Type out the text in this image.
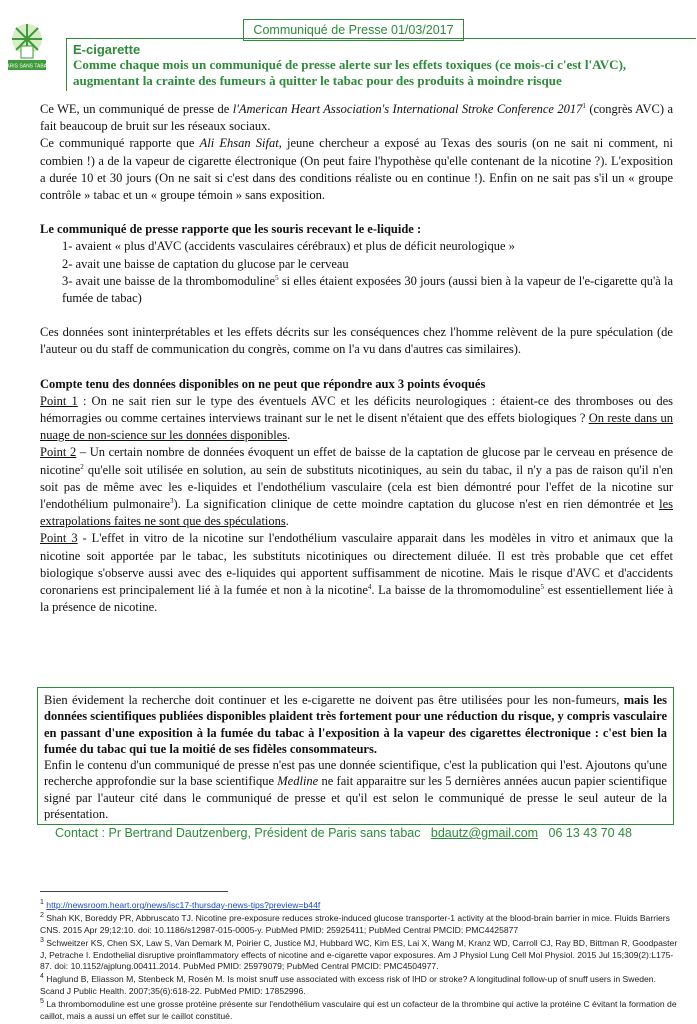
PARIS SANS TABAC
Communiqué de Presse 01/03/2017
E-cigarette
Comme chaque mois un communiqué de presse alerte sur les effets toxiques (ce mois-ci c'est l'AVC),
augmentant la crainte des fumeurs à quitter le tabac pour des produits à moindre risque

Ce WE, un communiqué de presse de l'American Heart Association's International Stroke Conference 2017$^1$ (congrès AVC) a fait beaucoup de bruit sur les réseaux sociaux.

Ce communiqué rapporte que Ali Ehsan Sifat, jeune chercheur a exposé au Texas des souris (on ne sait ni comment, ni combien !) a de la vapeur de cigarette électronique (On peut faire l'hypothèse qu'elle contenant de la nicotine ?). L'exposition a durée 10 et 30 jours (On ne sait si c'est dans des conditions réaliste ou en continue !). Enfin on ne sait pas s'il un « groupe contrôle » tabac et un « groupe témoin » sans exposition.

Le communiqué de presse rapporte que les souris recevant le e-liquide :

1- avaient « plus d'AVC (accidents vasculaires cérébraux) et plus de déficit neurologique »

2- avait une baisse de captation du glucose par le cerveau

3- avait une baisse de la thrombomoduline$^5$ si elles étaient exposées 30 jours (aussi bien à la vapeur de l'e-cigarette qu'à la fumée de tabac)

Ces données sont ininterprétables et les effets décrits sur les conséquences chez l'homme relèvent de la pure spéculation (de l'auteur ou du staff de communication du congrès, comme on l'a vu dans d'autres cas similaires).

Compte tenu des données disponibles on ne peut que répondre aux 3 points évoqués

Point 1 : On ne sait rien sur le type des éventuels AVC et les déficits neurologiques : étaient-ce des thromboses ou des hémorragies ou comme certaines interviews trainant sur le net le disent n'étaient que des effets biologiques ? On reste dans un nuage de non-science sur les données disponibles.

Point 2 – Un certain nombre de données évoquent un effet de baisse de la captation de glucose par le cerveau en présence de nicotine$^2$ qu'elle soit utilisée en solution, au sein de substituts nicotiniques, au sein du tabac, il n'y a pas de raison qu'il n'en soit pas de même avec les e-liquides et l'endothélium vasculaire (cela est bien démontré pour l'effet de la nicotine sur l'endothélium pulmonaire$^3$). La signification clinique de cette moindre captation du glucose n'est en rien démontrée et les extrapolations faites ne sont que des spéculations.

Point 3 - L'effet in vitro de la nicotine sur l'endothélium vasculaire apparait dans les modèles in vitro et animaux que la nicotine soit apportée par le tabac, les substituts nicotiniques ou directement diluée. Il est très probable que cet effet biologique s'observe aussi avec des e-liquides qui apportent suffisamment de nicotine. Mais le risque d'AVC et d'accidents coronariens est principalement lié à la fumée et non à la nicotine$^4$. La baisse de la thromomoduline$^5$ est essentiellement liée à la présence de nicotine.

Bien évidement la recherche doit continuer et les e-cigarette ne doivent pas être utilisées pour les non-fumeurs, mais les données scientifiques publiées disponibles plaident très fortement pour une réduction du risque, y compris vasculaire en passant d'une exposition à la fumée du tabac à l'exposition à la vapeur des cigarettes électronique : c'est bien la fumée du tabac qui tue la moitié de ses fidèles consommateurs.

Enfin le contenu d'un communiqué de presse n'est pas une donnée scientifique, c'est la publication qui l'est. Ajoutons qu'une recherche approfondie sur la base scientifique Medline ne fait apparaitre sur les 5 dernières années aucun papier scientifique signé par l'auteur cité dans le communiqué de presse et qu'il est selon le communiqué de presse le seul auteur de la présentation.

Contact : Pr Bertrand Dautzenberg, Président de Paris sans tabac bdautz@gmail.com 06 13 43 70 48

$^1$ http://newsroom.heart.org/news/isc17-thursday-news-tips?preview=b44f

$^2$ Shah KK, Boreddy PR, Abbruscato TJ. Nicotine pre-exposure reduces stroke-induced glucose transporter-1 activity at the blood-brain barrier in mice. Fluids Barriers CNS. 2015 Apr 29;12:10. doi: 10.1186/s12987-015-0005-y. PubMed PMID: 25925411; PubMed Central PMCID: PMC4425877

$^3$ Schweitzer KS, Chen SX, Law S, Van Demark M, Poirier C, Justice MJ, Hubbard WC, Kim ES, Lai X, Wang M, Kranz WD, Carroll CJ, Ray BD, Bittman R, Goodpaster J, Petrache I. Endothelial disruptive proinflammatory effects of nicotine and e-cigarette vapor exposures. Am J Physiol Lung Cell Mol Physiol. 2015 Jul 15;309(2):L175-87. doi: 10.1152/ajplung.00411.2014. PubMed PMID: 25979079; PubMed Central PMCID: PMC4504977.

$^4$ Haglund B, Eliasson M, Stenbeck M, Rosén M. Is moist snuff use associated with excess risk of IHD or stroke? A longitudinal follow-up of snuff users in Sweden. Scand J Public Health. 2007;35(6):618-22. PubMed PMID: 17852996.

$^5$ La thrombomoduline est une grosse protéine présente sur l'endothélium vasculaire qui est un cofacteur de la thrombine qui active la protéine C évitant la formation de caillot, mais a aussi un effet sur le caillot constitué.
